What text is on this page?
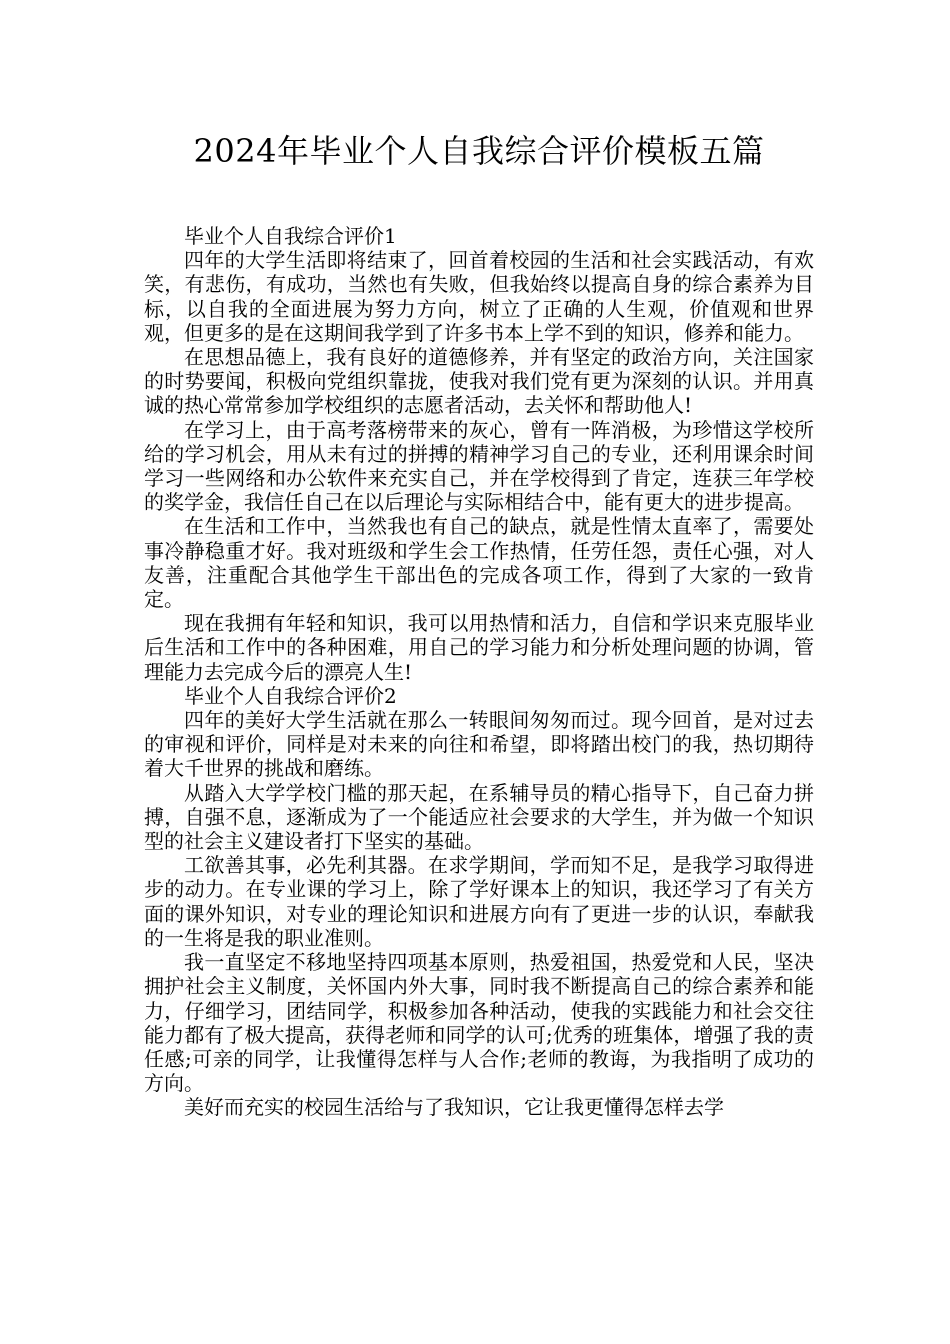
2024年毕业个人自我综合评价模板五篇

毕业个人自我综合评价1

四年的大学生活即将结束了，回首着校园的生活和社会实践活动，有欢笑，有悲伤，有成功，当然也有失败，但我始终以提高自身的综合素养为目标，以自我的全面进展为努力方向，树立了正确的人生观，价值观和世界观，但更多的是在这期间我学到了许多书本上学不到的知识，修养和能力。

在思想品德上，我有良好的道德修养，并有坚定的政治方向，关注国家的时势要闻，积极向党组织靠拢，使我对我们党有更为深刻的认识。并用真诚的热心常常参加学校组织的志愿者活动，去关怀和帮助他人!

在学习上，由于高考落榜带来的灰心，曾有一阵消极，为珍惜这学校所给的学习机会，用从未有过的拼搏的精神学习自己的专业，还利用课余时间学习一些网络和办公软件来充实自己，并在学校得到了肯定，连获三年学校的奖学金，我信任自己在以后理论与实际相结合中，能有更大的进步提高。

在生活和工作中，当然我也有自己的缺点，就是性情太直率了，需要处事冷静稳重才好。我对班级和学生会工作热情，任劳任怨，责任心强，对人友善，注重配合其他学生干部出色的完成各项工作，得到了大家的一致肯定。

现在我拥有年轻和知识，我可以用热情和活力，自信和学识来克服毕业后生活和工作中的各种困难，用自己的学习能力和分析处理问题的协调，管理能力去完成今后的漂亮人生!

毕业个人自我综合评价2

四年的美好大学生活就在那么一转眼间匆匆而过。现今回首，是对过去的审视和评价，同样是对未来的向往和希望，即将踏出校门的我，热切期待着大千世界的挑战和磨练。

从踏入大学学校门槛的那天起，在系辅导员的精心指导下，自己奋力拼搏，自强不息，逐渐成为了一个能适应社会要求的大学生，并为做一个知识型的社会主义建设者打下坚实的基础。

工欲善其事，必先利其器。在求学期间，学而知不足，是我学习取得进步的动力。在专业课的学习上，除了学好课本上的知识，我还学习了有关方面的课外知识，对专业的理论知识和进展方向有了更进一步的认识，奉献我的一生将是我的职业准则。

我一直坚定不移地坚持四项基本原则，热爱祖国，热爱党和人民，坚决拥护社会主义制度，关怀国内外大事，同时我不断提高自己的综合素养和能力，仔细学习，团结同学，积极参加各种活动，使我的实践能力和社会交往能力都有了极大提高，获得老师和同学的认可;优秀的班集体，增强了我的责任感;可亲的同学，让我懂得怎样与人合作;老师的教诲，为我指明了成功的方向。

美好而充实的校园生活给与了我知识，它让我更懂得怎样去学
